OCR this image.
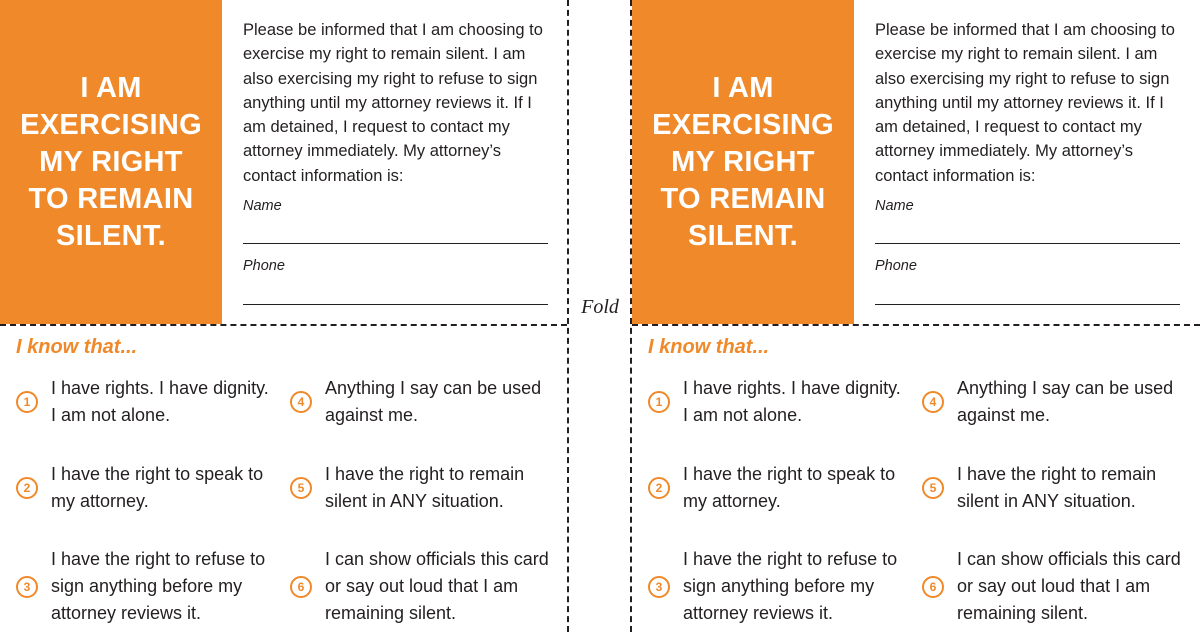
Fold

I AM
EXERCISING
MY RIGHT
TO REMAIN
SILENT.

Please be informed that I am choosing to exercise my right to remain silent. I am also exercising my right to refuse to sign anything until my attorney reviews it. If I am detained, I request to contact my attorney immediately. My attorney’s contact information is:

Name
Phone

I know that...

1
I have rights. I have dignity. I am not alone.
2
I have the right to speak to my attorney.
3
I have the right to refuse to sign anything before my attorney reviews it.
4
Anything I say can be used against me.
5
I have the right to remain silent in ANY situation.
6
I can show officials this card or say out loud that I am remaining silent.

I AM
EXERCISING
MY RIGHT
TO REMAIN
SILENT.

Please be informed that I am choosing to exercise my right to remain silent. I am also exercising my right to refuse to sign anything until my attorney reviews it. If I am detained, I request to contact my attorney immediately. My attorney’s contact information is:

Name
Phone

I know that...

1
I have rights. I have dignity. I am not alone.
2
I have the right to speak to my attorney.
3
I have the right to refuse to sign anything before my attorney reviews it.
4
Anything I say can be used against me.
5
I have the right to remain silent in ANY situation.
6
I can show officials this card or say out loud that I am remaining silent.
